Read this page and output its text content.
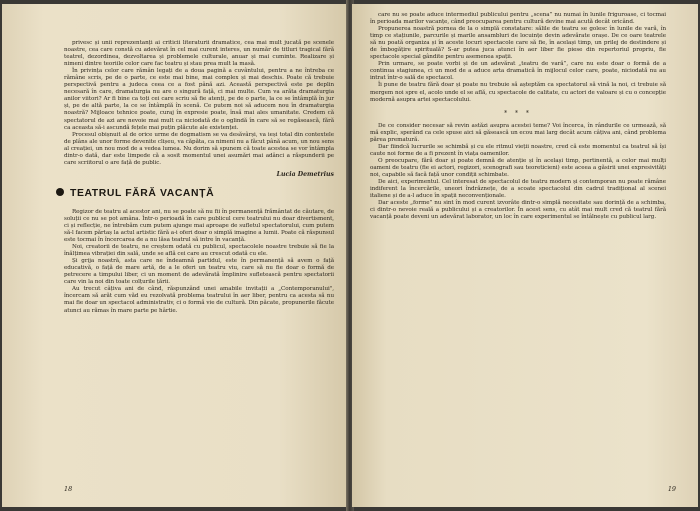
privesc și unii reprezentanți ai criticii literaturii dramatice, cea mai mult jucată pe scenele noastre, cea care constă cu adevărat în cel mai curent interes, un număr de titluri tragical fără teatrel, dezordinea, dezvoltarea și problemele culturale, anuar și mai cuminte. Realizare și nimeni dintre teoriile celor care fac teatru și stau prea mult la masă.

În privința celor care rămân legați de a doua pagină a cuvântului, pentru a ne întreba ce rămâne scris, pe de o parte, ce este mai bine, mai complex și mai deschis. Poate că trebuie perspectivă pentru a judeca ceea ce a fost până azi. Această perspectivă este pe deplin necesară în care, dramaturgia nu are o singură față, ci mai multe. Cum va arăta dramaturgia anilor viitori? Ar fi bine ca toți cei care scriu să fie atenți, pe de o parte, la ce se întâmplă în jur și, pe de altă parte, la ce se întâmplă în scenă. Ce putem noi să aducem nou în dramaturgia noastră? Mijloace tehnice poate, curaj în expresie poate, însă mai ales umanitate. Credem că spectatorul de azi are nevoie mai mult ca niciodată de o oglindă în care să se regăsească, fără ca aceasta să-i ascundă fețele mai puțin plăcute ale existenței.

Procesul obișnuit al de orice urme de dogmatism se va desăvârși, va ieși total din contextele de plâns ale unor forme devenite clișeu, va căpăta, ca nimeni nu a făcut până acum, un nou sens al creației, un nou mod de a vedea lumea. Nu dorim să spunem că toate acestea se vor întâmpla dintr-o dată, dar este limpede că a sosit momentul unei asumări mai adânci a răspunderii pe care scriitorul o are față de public.

Lucia Demetrius
TEATRUL FĂRĂ VACANȚĂ

Regizor de teatru al acestor ani, nu se poate să nu fii în permanență frământat de căutare, de soluții ce nu se pot amâna. Într-o perioadă în care publicul cere teatrului nu doar divertisment, ci și reflecție, ne întrebăm cum putem ajunge mai aproape de sufletul spectatorului, cum putem să-l facem părtaș la actul artistic fără a-i oferi doar o simplă imagine a lumii. Poate că răspunsul este tocmai în încercarea de a nu lăsa teatrul să intre în vacanță.

Noi, creatorii de teatru, ne creștem odată cu publicul, spectacolele noastre trebuie să fie la înălțimea vibrației din sală, unde se află cei care au crescut odată cu ele.

Și grija noastră, asta care ne îndeamnă partidul, este în permanență să avem o față educativă, o față de mare artă, de a le oferi un teatru viu, care să nu fie doar o formă de petrecere a timpului liber, ci un moment de adevărată împlinire sufletească pentru spectatorii care vin la noi din toate colțurile țării.

Au trecut câțiva ani de când, răspunzând unei amabile invitații a „Contemporanului", încercam să arăt cum văd eu rezolvată problema teatrului în aer liber, pentru ca acesta să nu mai fie doar un spectacol administrativ, ci o formă vie de cultură. Din păcate, propunerile făcute atunci au rămas în mare parte pe hârtie.

18

care nu se poate aduce intermediul publicului pentru „scena” nu numai în lunile friguroase, ci tocmai în perioada marilor vacanțe, când preocuparea pentru cultură devine mai acută decât oricând.

Propunerea noastră pornea de la o simplă constatare: sălile de teatru se golesc în lunile de vară, în timp ce stațiunile, parcurile și marile ansambluri de locuințe devin adevărate orașe. De ce oare teatrele să nu poată organiza și în aceste locuri spectacole care să fie, în același timp, un prilej de destindere și de îmbogățire spirituală? S-ar putea juca atunci în aer liber fie piese din repertoriul propriu, fie spectacole special gândite pentru asemenea spații.

Prin urmare, se poate vorbi și de un adevărat „teatru de vară”, care nu este doar o formă de a continua stagiunea, ci un mod de a aduce arta dramatică în mijlocul celor care, poate, niciodată nu au intrat într-o sală de spectacol.

Îi pune de teatru fără doar și poate nu trebuie să așteptăm ca spectatorul să vină la noi, ci trebuie să mergem noi spre el, acolo unde el se află, cu spectacole de calitate, cu actori de valoare și cu o concepție modernă asupra artei spectacolului.

* * *

De ce consider necesar să revin astăzi asupra acestei teme? Voi încerca, în rândurile ce urmează, să mă explic, sperând ca cele spuse aici să găsească un ecou mai larg decât acum câțiva ani, când problema părea prematură.

Dar fiindcă lucrurile se schimbă și cu ele ritmul vieții noastre, cred că este momentul ca teatrul să își caute noi forme de a fi prezent în viața oamenilor.

O preocupare, fără doar și poate demnă de atenție și în același timp, pertinentă, a celor mai mulți oameni de teatru (fie ei actori, regizori, scenografi sau teoreticieni) este aceea a găsirii unei expresivități noi, capabile să facă față unor condiții schimbate.

De aici, experimentul. Cel interesat de spectacolul de teatru modern și contemporan nu poate rămâne indiferent la încercările, uneori îndrăznețe, de a scoate spectacolul din cadrul tradițional al scenei italiene și de a-l aduce în spații neconvenționale.

Dar aceste „forme” nu sint în mod curent izvorâte dintr-o simplă necesitate sau dorință de a schimba, ci dintr-o nevoie reală a publicului și a creatorilor. În acest sens, cu atât mai mult cred că teatrul fără vacanță poate deveni un adevărat laborator, un loc în care experimentul se întâlnește cu publicul larg.

19
